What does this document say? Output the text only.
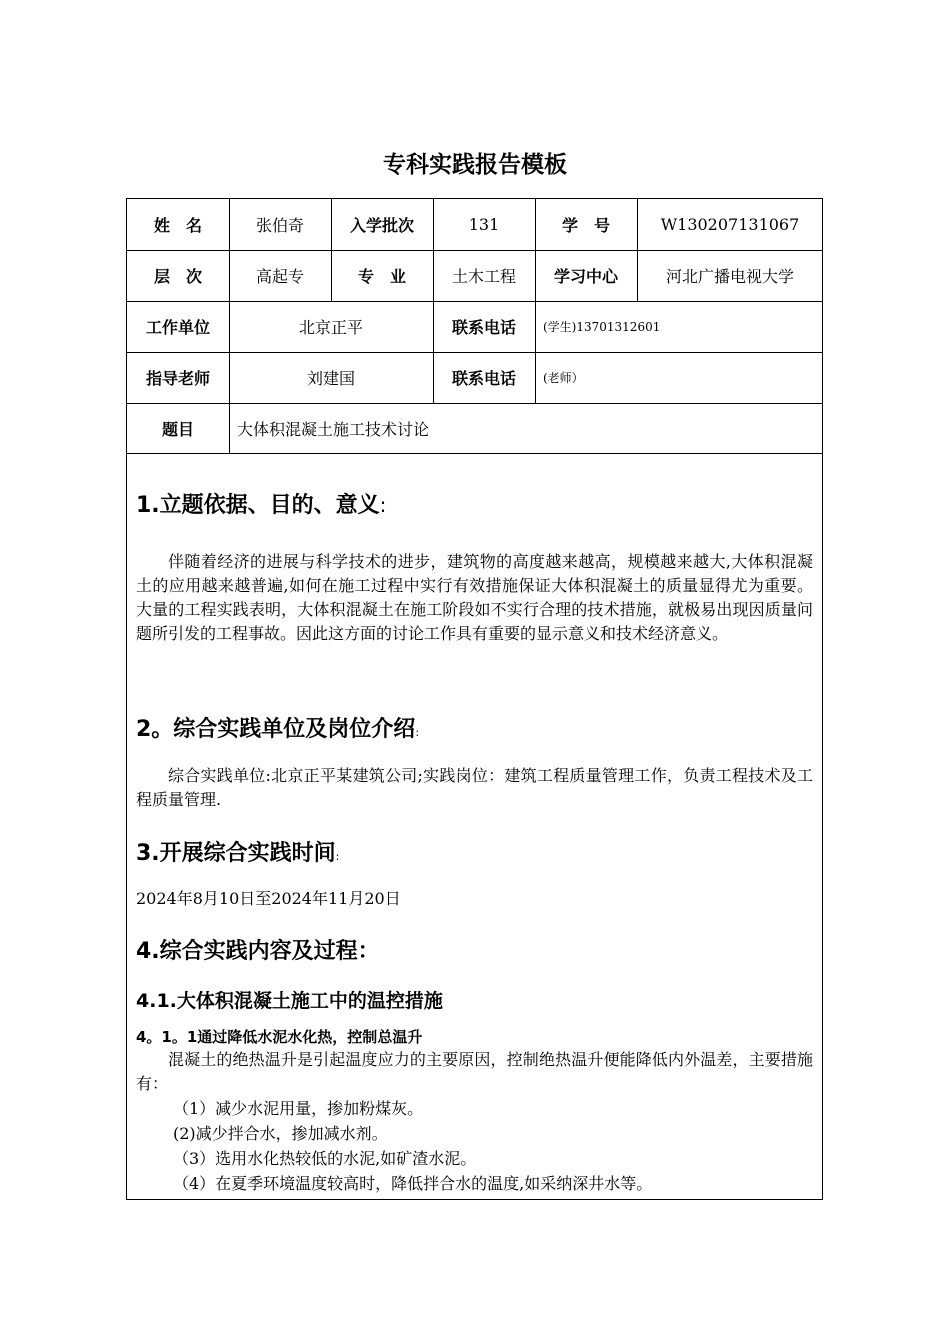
专科实践报告模板
姓　名	张伯奇	入学批次	131	学　号	W130207131067
层　次	高起专	专　业	土木工程	学习中心	河北广播电视大学
工作单位	北京正平	联系电话	(学生)13701312601
指导老师	刘建国	联系电话	(老师）
题目	大体积混凝土施工技术讨论
1.立题依据、目的、意义:

伴随着经济的进展与科学技术的进步，建筑物的高度越来越高，规模越来越大,大体积混凝土的应用越来越普遍,如何在施工过程中实行有效措施保证大体积混凝土的质量显得尤为重要。大量的工程实践表明，大体积混凝土在施工阶段如不实行合理的技术措施，就极易出现因质量问题所引发的工程事故。因此这方面的讨论工作具有重要的显示意义和技术经济意义。

2。综合实践单位及岗位介绍:

综合实践单位:北京正平某建筑公司;实践岗位：建筑工程质量管理工作，负责工程技术及工程质量管理.

3.开展综合实践时间:

2024年8月10日至2024年11月20日

4.综合实践内容及过程：
4.1.大体积混凝土施工中的温控措施
4。1。1通过降低水泥水化热，控制总温升

混凝土的绝热温升是引起温度应力的主要原因，控制绝热温升便能降低内外温差，主要措施有：

（1）减少水泥用量，掺加粉煤灰。
(2)减少拌合水，掺加减水剂。
（3）选用水化热较低的水泥,如矿渣水泥。
（4）在夏季环境温度较高时，降低拌合水的温度,如采纳深井水等。
